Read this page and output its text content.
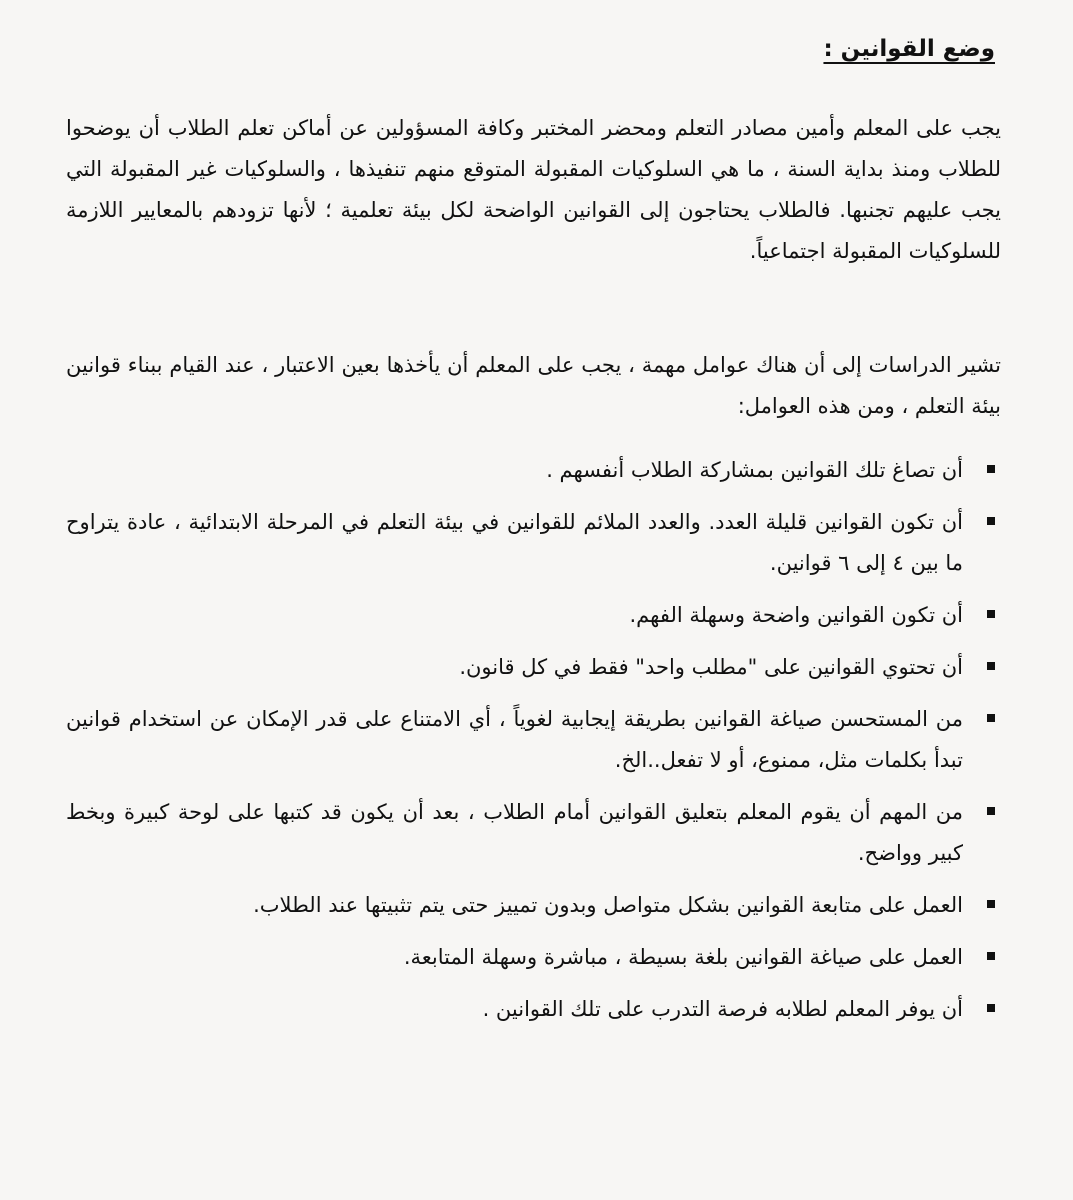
وضع القوانين :

يجب على المعلم وأمين مصادر التعلم ومحضر المختبر وكافة المسؤولين عن أماكن تعلم الطلاب أن يوضحوا للطلاب ومنذ بداية السنة ، ما هي السلوكيات المقبولة المتوقع منهم تنفيذها ، والسلوكيات غير المقبولة التي يجب عليهم تجنبها. فالطلاب يحتاجون إلى القوانين الواضحة لكل بيئة تعلمية ؛ لأنها تزودهم بالمعايير اللازمة للسلوكيات المقبولة اجتماعياً.

تشير الدراسات إلى أن هناك عوامل مهمة ، يجب على المعلم أن يأخذها بعين الاعتبار ، عند القيام ببناء قوانين بيئة التعلم ، ومن هذه العوامل:

أن تصاغ تلك القوانين بمشاركة الطلاب أنفسهم .
أن تكون القوانين قليلة العدد. والعدد الملائم للقوانين في بيئة التعلم في المرحلة الابتدائية ، عادة يتراوح ما بين ٤ إلى ٦ قوانين.
أن تكون القوانين واضحة وسهلة الفهم.
أن تحتوي القوانين على "مطلب واحد" فقط في كل قانون.
من المستحسن صياغة القوانين بطريقة إيجابية لغوياً ، أي الامتناع على قدر الإمكان عن استخدام قوانين تبدأ بكلمات مثل، ممنوع، أو لا تفعل..الخ.
من المهم أن يقوم المعلم بتعليق القوانين أمام الطلاب ، بعد أن يكون قد كتبها على لوحة كبيرة وبخط كبير وواضح.
العمل على متابعة القوانين بشكل متواصل وبدون تمييز حتى يتم تثبيتها عند الطلاب.
العمل على صياغة القوانين بلغة بسيطة ، مباشرة وسهلة المتابعة.
أن يوفر المعلم لطلابه فرصة التدرب على تلك القوانين .
